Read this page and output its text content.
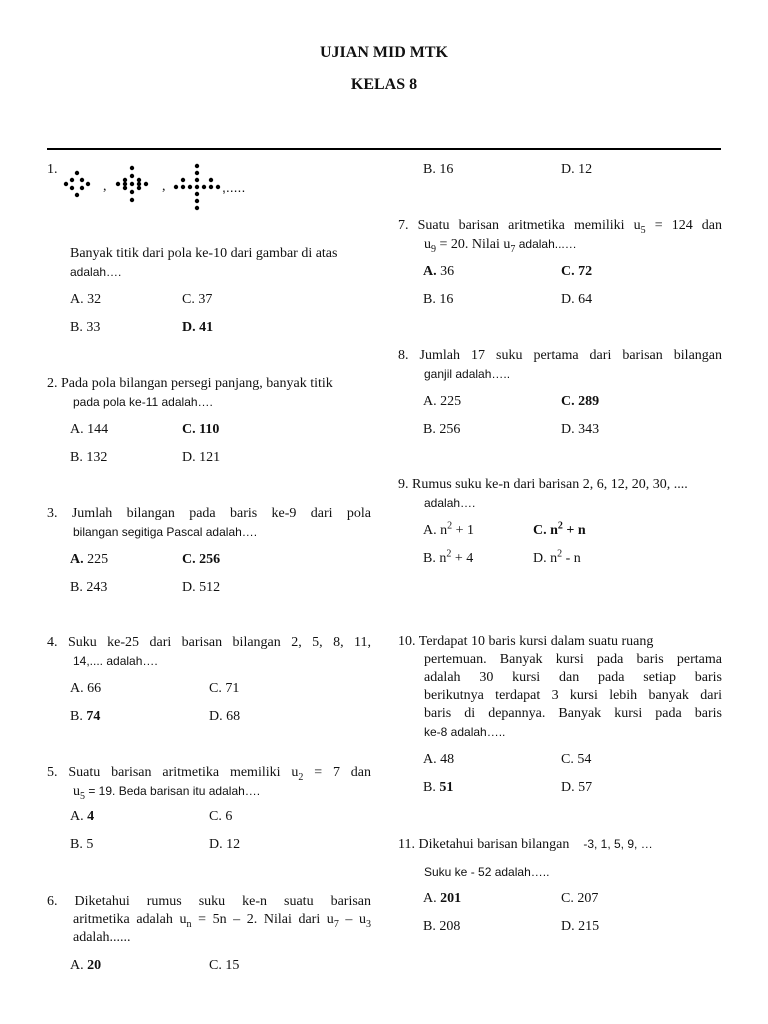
UJIAN MID MTK
KELAS 8
1.
,	,	,.....
Banyak titik dari pola ke-10 dari gambar di atas
adalah….
A. 32	C. 37
B. 33	D. 41
2. Pada pola bilangan persegi panjang, banyak titik
pada pola ke-11 adalah….
A. 144	C. 110
B. 132	D. 121
3. Jumlah bilangan pada baris ke-9 dari pola
bilangan segitiga Pascal adalah….
A. 225	C. 256
B. 243	D. 512
4. Suku ke-25 dari barisan bilangan 2, 5, 8, 11,
14,.... adalah….
A. 66	C. 71
B. 74	D. 68
5. Suatu barisan aritmetika memiliki $u_2 = 7$ dan
$u_5 = 19$. Beda barisan itu adalah….
A. 4	C. 6
B. 5	D. 12
6. Diketahui rumus suku ke-n suatu barisan
aritmetika adalah $u_n = 5n - 2$. Nilai dari $u_7 - u_3$
adalah......
A. 20	C. 15
B. 16	D. 12
7. Suatu barisan aritmetika memiliki $u_5 = 124$ dan
$u_9 = 20$. Nilai $u_7$ adalah...…
A. 36	C. 72
B. 16	D. 64
8. Jumlah 17 suku pertama dari barisan bilangan
ganjil adalah…..
A. 225	C. 289
B. 256	D. 343
9. Rumus suku ke-n dari barisan 2, 6, 12, 20, 30, ....
adalah….
A. $n^2 + 1$	C. $n^2 + n$
B. $n^2 + 4$	D. $n^2$ - n
10. Terdapat 10 baris kursi dalam suatu ruang
pertemuan. Banyak kursi pada baris pertama
adalah 30 kursi dan pada setiap baris
berikutnya terdapat 3 kursi lebih banyak dari
baris di depannya. Banyak kursi pada baris
ke-8 adalah…..
A. 48	C. 54
B. 51	D. 57
11. Diketahui barisan bilangan -3, 1, 5, 9, …
Suku ke - 52 adalah…..
A. 201	C. 207
B. 208	D. 215
